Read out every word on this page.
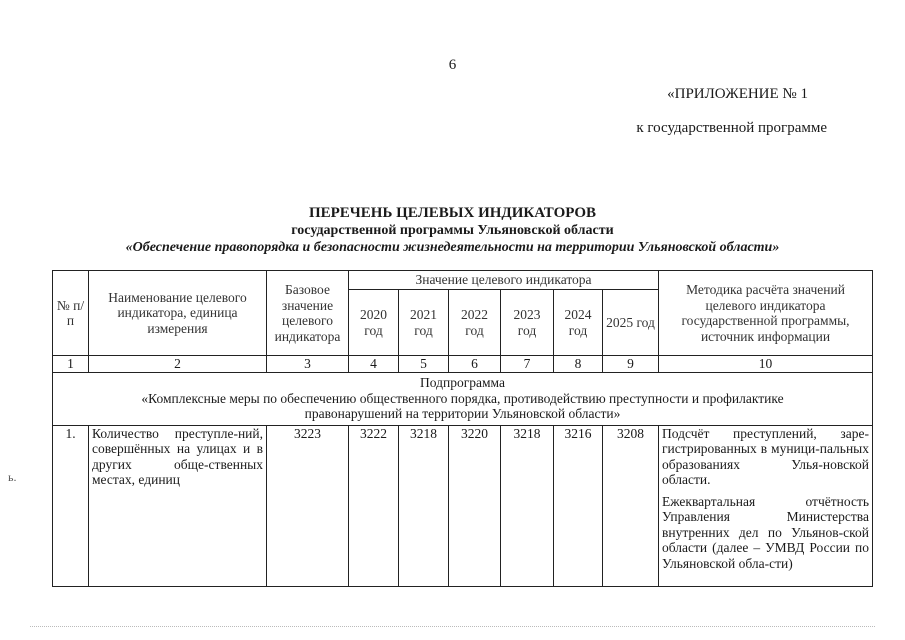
6
«ПРИЛОЖЕНИЕ № 1
к государственной программе
ПЕРЕЧЕНЬ ЦЕЛЕВЫХ ИНДИКАТОРОВ
государственной программы Ульяновской области
«Обеспечение правопорядка и безопасности жизнедеятельности на территории Ульяновской области»
№ п/п	Наименование целевого индикатора, единица измерения	Базовое значение целевого индикатора	Значение целевого индикатора						Методика расчёта значений целевого индикатора государственной программы, источник информации
			2020 год	2021 год	2022 год	2023 год	2024 год	2025 год	
1	2	3	4	5	6	7	8	9	10

Подпрограмма
«Комплексные меры по обеспечению общественного порядка, противодействию преступности и профилактике правонарушений на территории Ульяновской области»									

1.	Количество преступле-ний, совершённых на улицах и в других обще-ственных местах, единиц	3223	3222	3218	3220	3218	3216	3208	Подсчёт преступлений, заре-гистрированных в муници-пальных образованиях Улья-новской области.

Ежеквартальная отчётность Управления Министерства внутренних дел по Ульянов-ской области (далее – УМВД России по Ульяновской обла-сти)

ь.
